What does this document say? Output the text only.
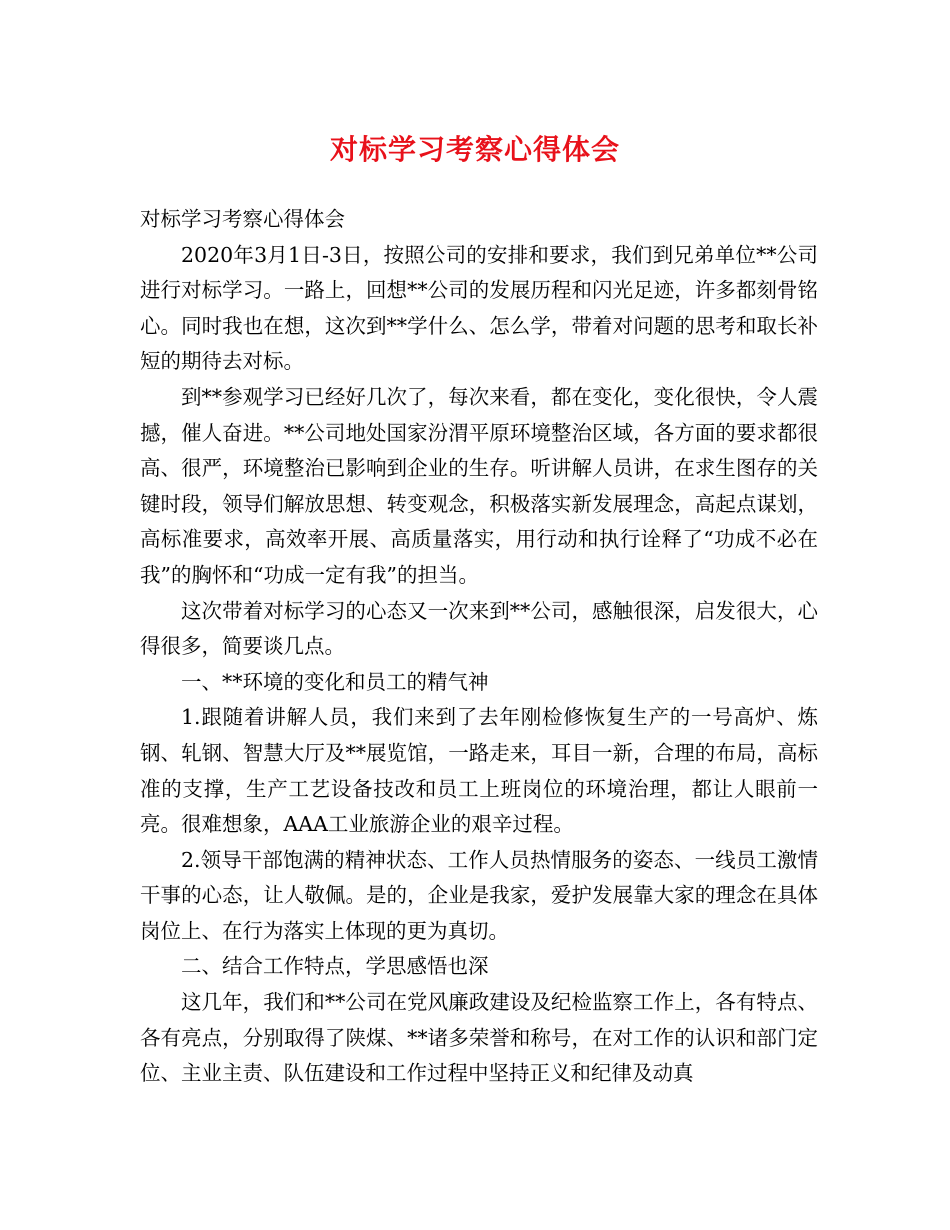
对标学习考察心得体会

对标学习考察心得体会

2020年3月1日-3日，按照公司的安排和要求，我们到兄弟单位**公司进行对标学习。一路上，回想**公司的发展历程和闪光足迹，许多都刻骨铭心。同时我也在想，这次到**学什么、怎么学，带着对问题的思考和取长补短的期待去对标。

到**参观学习已经好几次了，每次来看，都在变化，变化很快，令人震撼，催人奋进。**公司地处国家汾渭平原环境整治区域，各方面的要求都很高、很严，环境整治已影响到企业的生存。听讲解人员讲，在求生图存的关键时段，领导们解放思想、转变观念，积极落实新发展理念，高起点谋划，高标准要求，高效率开展、高质量落实，用行动和执行诠释了“功成不必在我”的胸怀和“功成一定有我”的担当。

这次带着对标学习的心态又一次来到**公司，感触很深，启发很大，心得很多，简要谈几点。

一、**环境的变化和员工的精气神

1.跟随着讲解人员，我们来到了去年刚检修恢复生产的一号高炉、炼钢、轧钢、智慧大厅及**展览馆，一路走来，耳目一新，合理的布局，高标准的支撑，生产工艺设备技改和员工上班岗位的环境治理，都让人眼前一亮。很难想象，AAA工业旅游企业的艰辛过程。

2.领导干部饱满的精神状态、工作人员热情服务的姿态、一线员工激情干事的心态，让人敬佩。是的，企业是我家，爱护发展靠大家的理念在具体岗位上、在行为落实上体现的更为真切。

二、结合工作特点，学思感悟也深

这几年，我们和**公司在党风廉政建设及纪检监察工作上，各有特点、各有亮点，分别取得了陕煤、**诸多荣誉和称号，在对工作的认识和部门定位、主业主责、队伍建设和工作过程中坚持正义和纪律及动真
